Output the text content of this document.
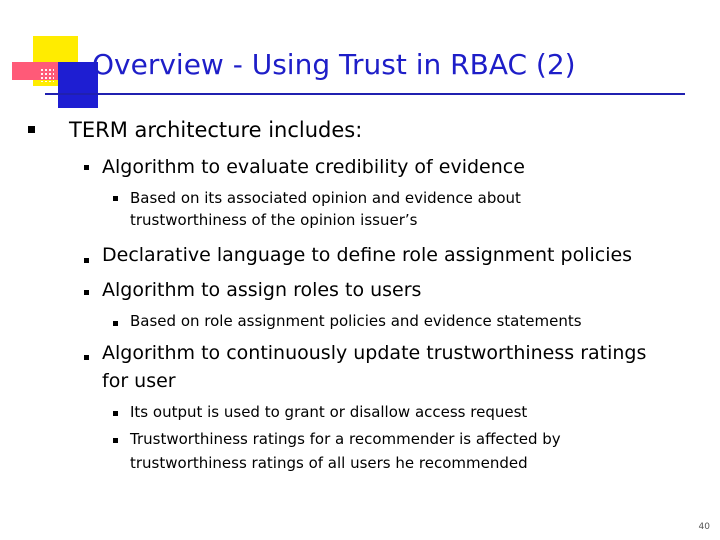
Overview - Using Trust in RBAC (2)

TERM architecture includes:

Algorithm to evaluate credibility of evidence

Based on its associated opinion and evidence about

trustworthiness of the opinion issuer’s

Declarative language to define role assignment policies

Algorithm to assign roles to users

Based on role assignment policies and evidence statements

Algorithm to continuously update trustworthiness ratings

for user

Its output is used to grant or disallow access request

Trustworthiness ratings for a recommender is affected by

trustworthiness ratings of all users he recommended

40
